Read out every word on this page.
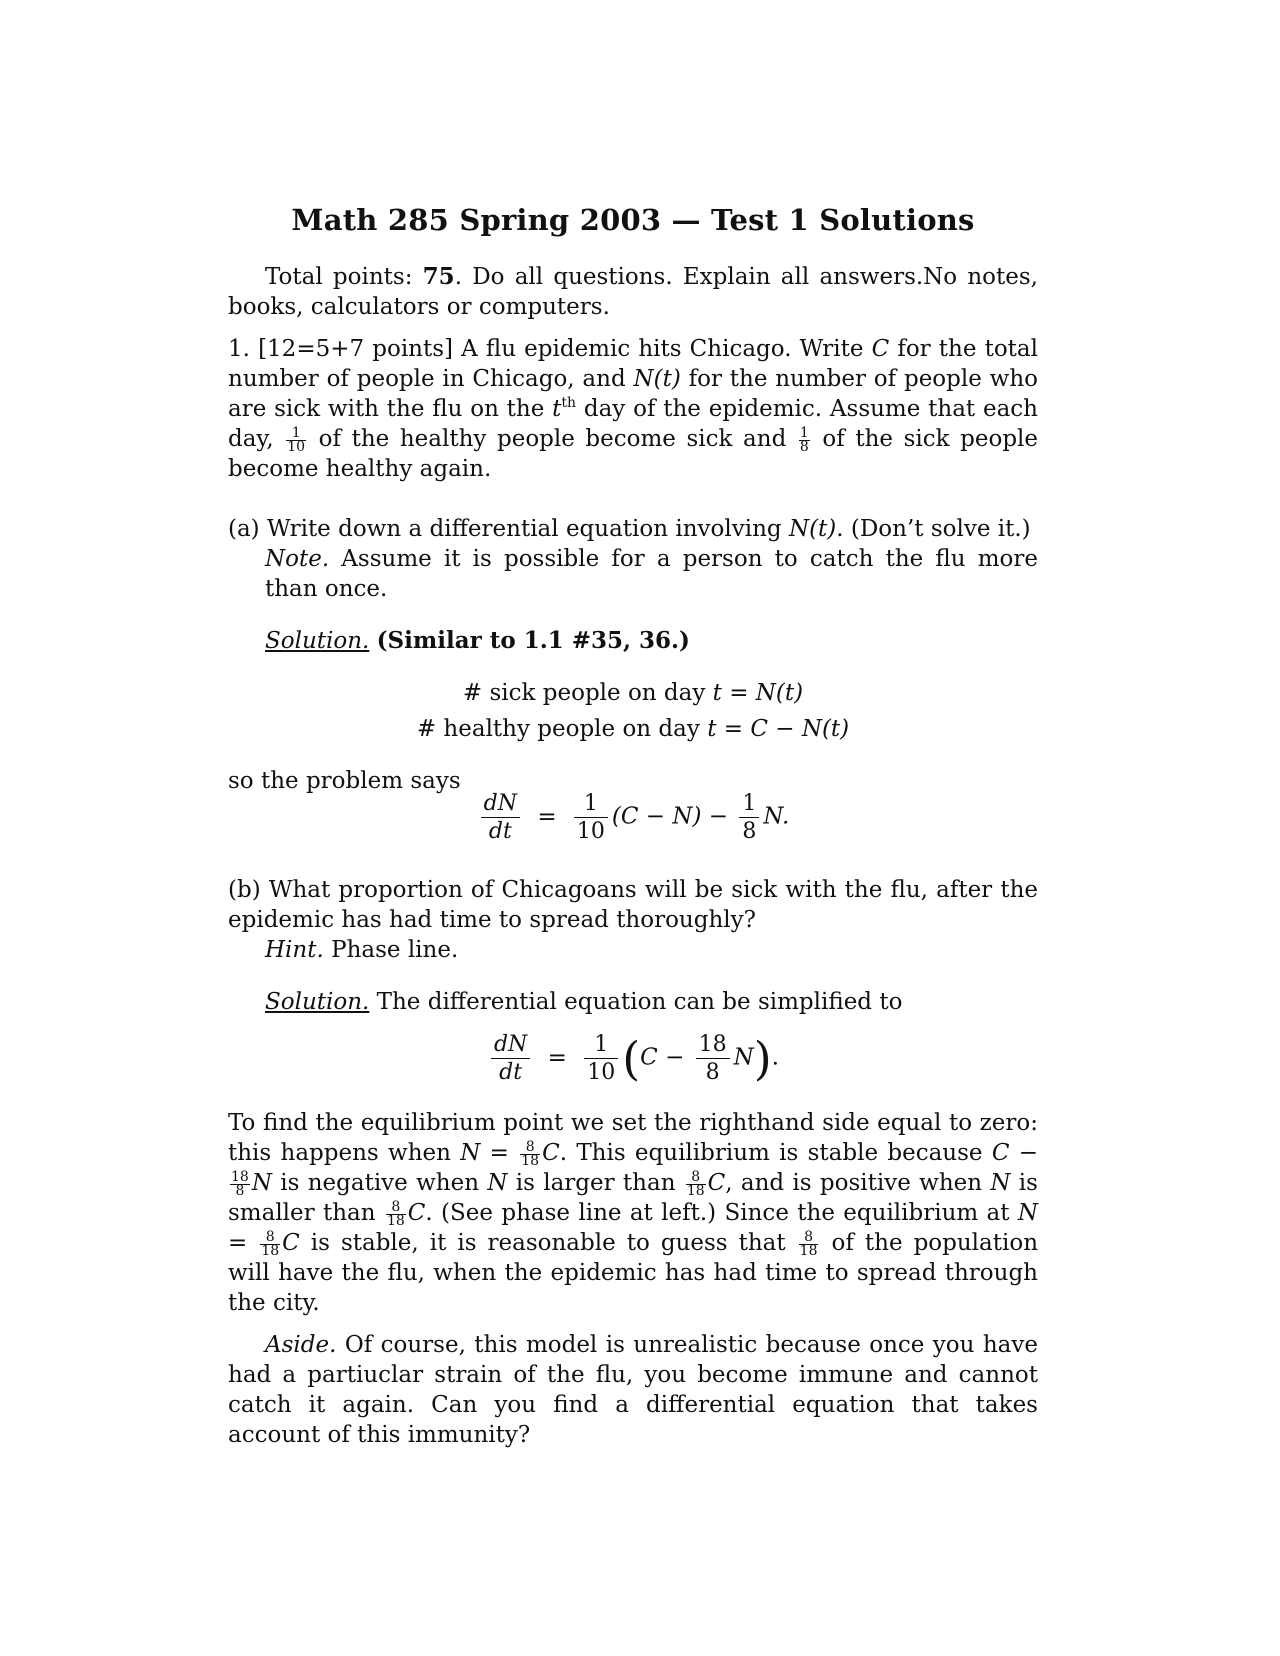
Math 285 Spring 2003 — Test 1 Solutions

Total points: 75. Do all questions. Explain all answers.No notes, books, calculators or computers.

1. [12=5+7 points] A flu epidemic hits Chicago. Write C for the total number of people in Chicago, and N(t) for the number of people who are sick with the flu on the $t^{th}$ day of the epidemic. Assume that each day, $\frac{1}{10}$ of the healthy people become sick and $\frac{1}{8}$ of the sick people become healthy again.

(a) Write down a differential equation involving N(t). (Don’t solve it.)

Note. Assume it is possible for a person to catch the flu more than once.

Solution. (Similar to 1.1 #35, 36.)

# sick people on day t = N(t)
# healthy people on day t = C − N(t)

so the problem says

$\frac{dN}{dt} = \frac{1}{10} (C - N) - \frac{1}{8} N$.

(b) What proportion of Chicagoans will be sick with the flu, after the epidemic has had time to spread thoroughly?

Hint. Phase line.

Solution. The differential equation can be simplified to

$\frac{dN}{dt} = \frac{1}{10} (C - \frac{18}{8} N)$.

To find the equilibrium point we set the righthand side equal to zero: this happens when $N = \frac{8}{18} C$. This equilibrium is stable because C −
$\frac{18}{8}$ N is negative when N is larger than $\frac{8}{18} C$, and is positive when N is smaller than $\frac{8}{18} C$. (See phase line at left.) Since the equilibrium at $N = \frac{8}{18}$ C is stable, it is reasonable to guess that $\frac{8}{18}$ of the population will have the flu, when the epidemic has had time to spread through the city.

Aside. Of course, this model is unrealistic because once you have had a partiuclar strain of the flu, you become immune and cannot catch it again. Can you find a differential equation that takes account of this immunity?
